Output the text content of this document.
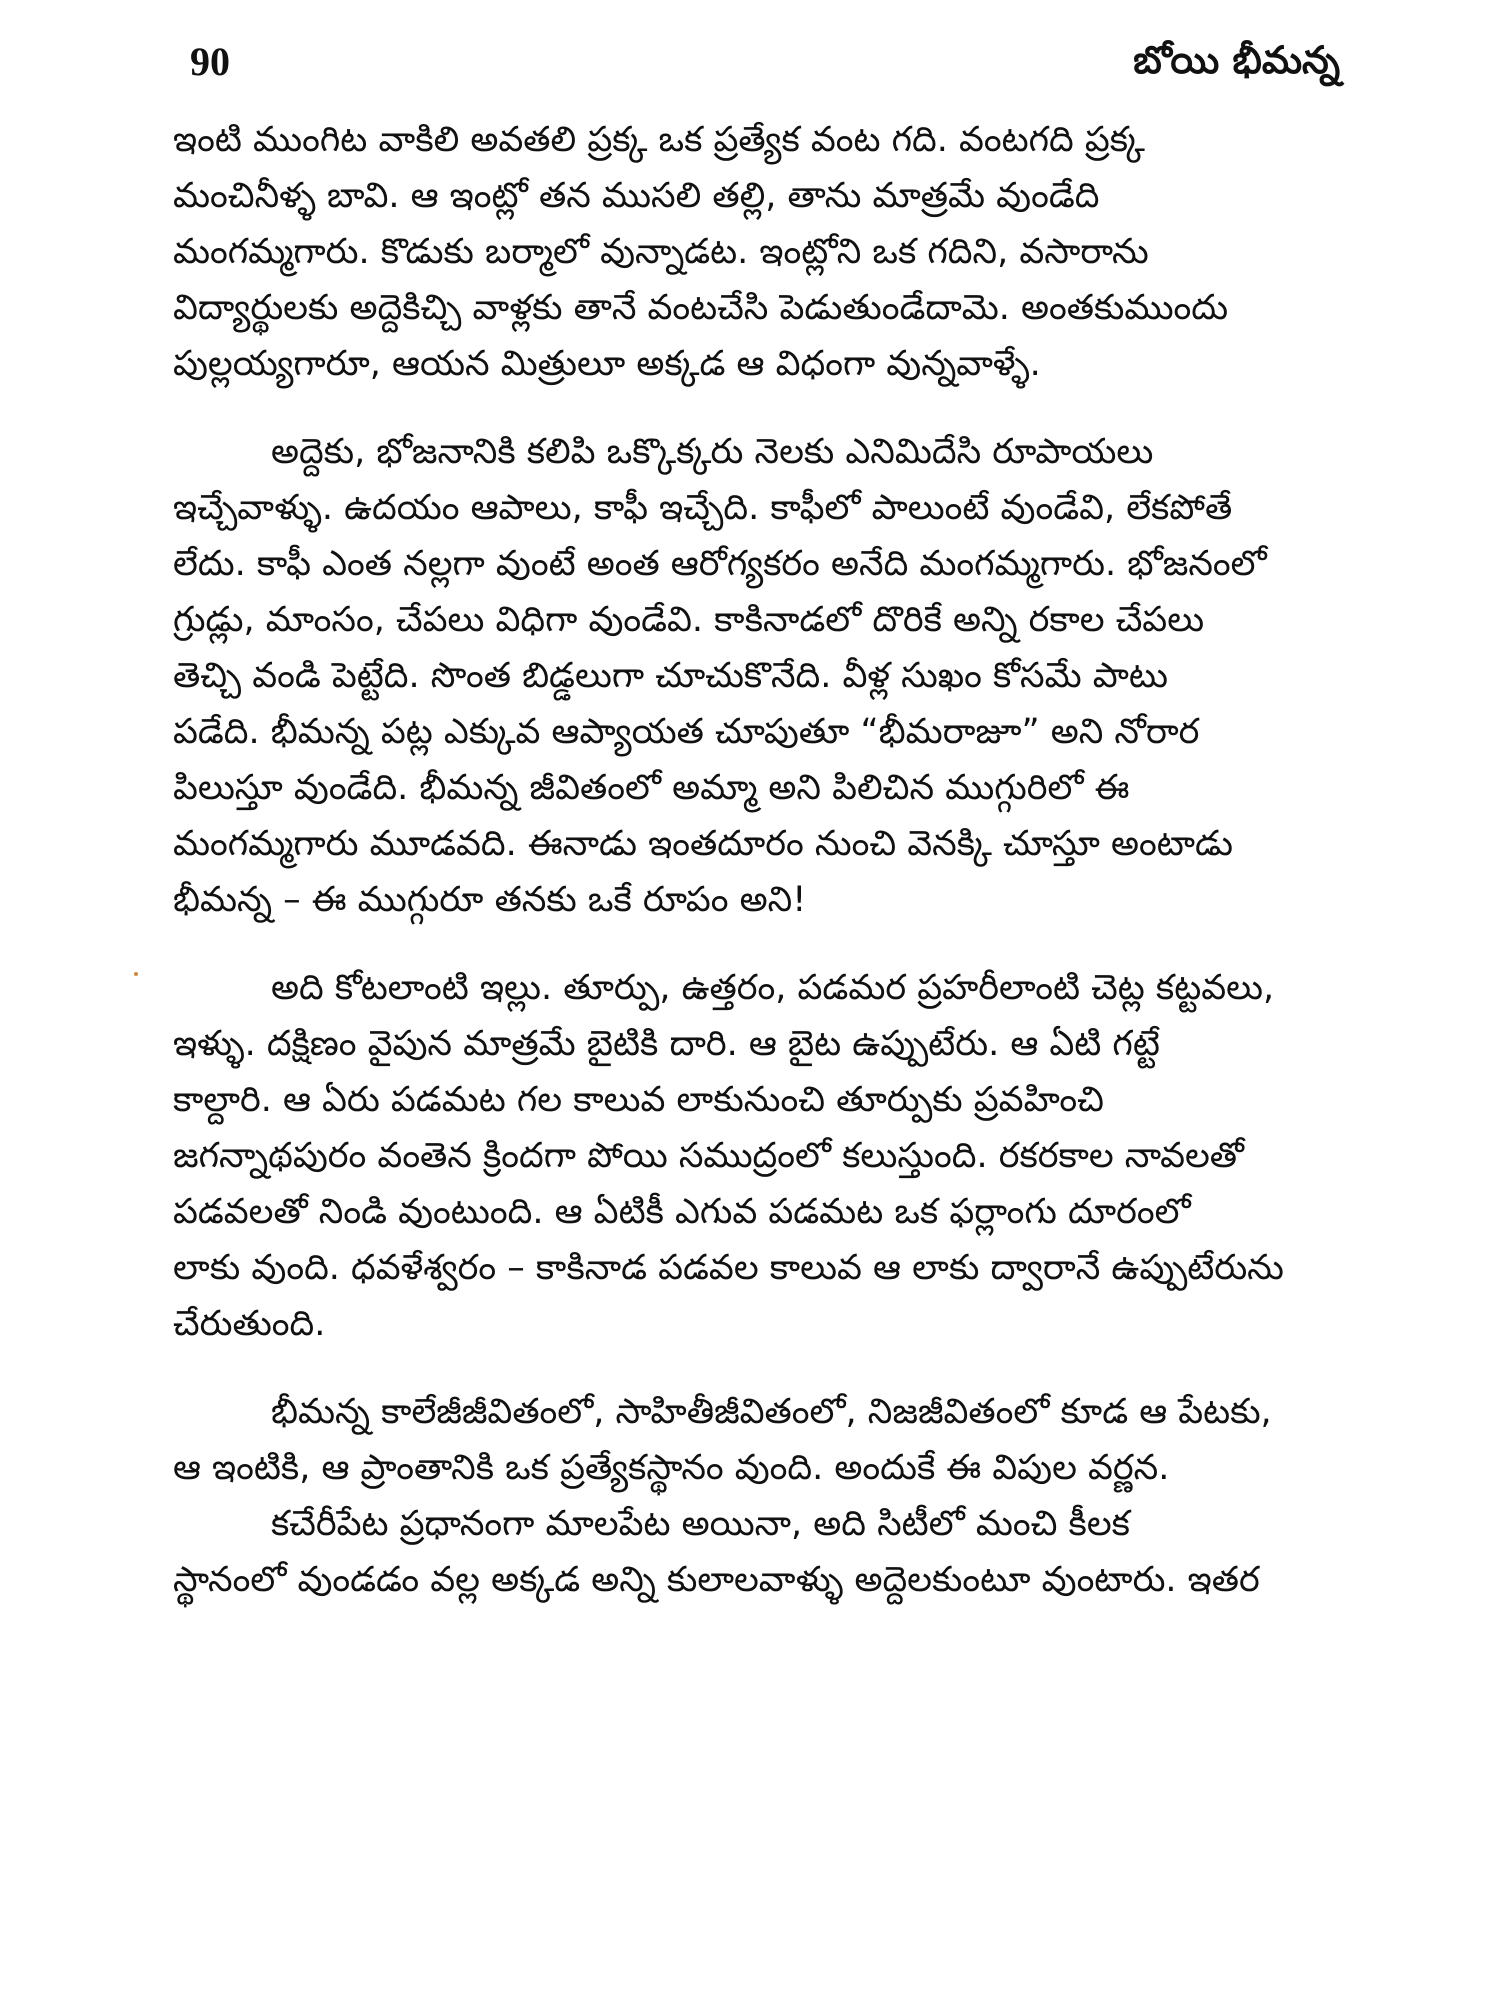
90	బోయి భీమన్న
ఇంటి ముంగిట వాకిలి అవతలి ప్రక్క ఒక ప్రత్యేక వంట గది. వంటగది ప్రక్క
మంచినీళ్ళ బావి. ఆ ఇంట్లో తన ముసలి తల్లి, తాను మాత్రమే వుండేది
మంగమ్మగారు. కొడుకు బర్మాలో వున్నాడట. ఇంట్లోని ఒక గదిని, వసారాను
విద్యార్థులకు అద్దెకిచ్చి వాళ్లకు తానే వంటచేసి పెడుతుండేదామె. అంతకుముందు
పుల్లయ్యగారూ, ఆయన మిత్రులూ అక్కడ ఆ విధంగా వున్నవాళ్ళే.
అద్దెకు, భోజనానికి కలిపి ఒక్కొక్కరు నెలకు ఎనిమిదేసి రూపాయలు
ఇచ్చేవాళ్ళు. ఉదయం ఆపాలు, కాఫీ ఇచ్చేది. కాఫీలో పాలుంటే వుండేవి, లేకపోతే
లేదు. కాఫీ ఎంత నల్లగా వుంటే అంత ఆరోగ్యకరం అనేది మంగమ్మగారు. భోజనంలో
గ్రుడ్లు, మాంసం, చేపలు విధిగా వుండేవి. కాకినాడలో దొరికే అన్ని రకాల చేపలు
తెచ్చి వండి పెట్టేది. సొంత బిడ్డలుగా చూచుకొనేది. వీళ్ల సుఖం కోసమే పాటు
పడేది. భీమన్న పట్ల ఎక్కువ ఆప్యాయత చూపుతూ “భీమరాజూ” అని నోరార
పిలుస్తూ వుండేది. భీమన్న జీవితంలో అమ్మా అని పిలిచిన ముగ్గురిలో ఈ
మంగమ్మగారు మూడవది. ఈనాడు ఇంతదూరం నుంచి వెనక్కి చూస్తూ అంటాడు
భీమన్న – ఈ ముగ్గురూ తనకు ఒకే రూపం అని!
అది కోటలాంటి ఇల్లు. తూర్పు, ఉత్తరం, పడమర ప్రహరీలాంటి చెట్ల కట్టవలు,
ఇళ్ళు. దక్షిణం వైపున మాత్రమే బైటికి దారి. ఆ బైట ఉప్పుటేరు. ఆ ఏటి గట్టే
కాల్దారి. ఆ ఏరు పడమట గల కాలువ లాకునుంచి తూర్పుకు ప్రవహించి
జగన్నాథపురం వంతెన క్రిందగా పోయి సముద్రంలో కలుస్తుంది. రకరకాల నావలతో
పడవలతో నిండి వుంటుంది. ఆ ఏటికీ ఎగువ పడమట ఒక ఫర్లాంగు దూరంలో
లాకు వుంది. ధవళేశ్వరం – కాకినాడ పడవల కాలువ ఆ లాకు ద్వారానే ఉప్పుటేరును
చేరుతుంది.
భీమన్న కాలేజీజీవితంలో, సాహితీజీవితంలో, నిజజీవితంలో కూడ ఆ పేటకు,
ఆ ఇంటికి, ఆ ప్రాంతానికి ఒక ప్రత్యేకస్థానం వుంది. అందుకే ఈ విపుల వర్ణన.
కచేరీపేట ప్రధానంగా మాలపేట అయినా, అది సిటీలో మంచి కీలక
స్థానంలో వుండడం వల్ల అక్కడ అన్ని కులాలవాళ్ళు అద్దెలకుంటూ వుంటారు. ఇతర
